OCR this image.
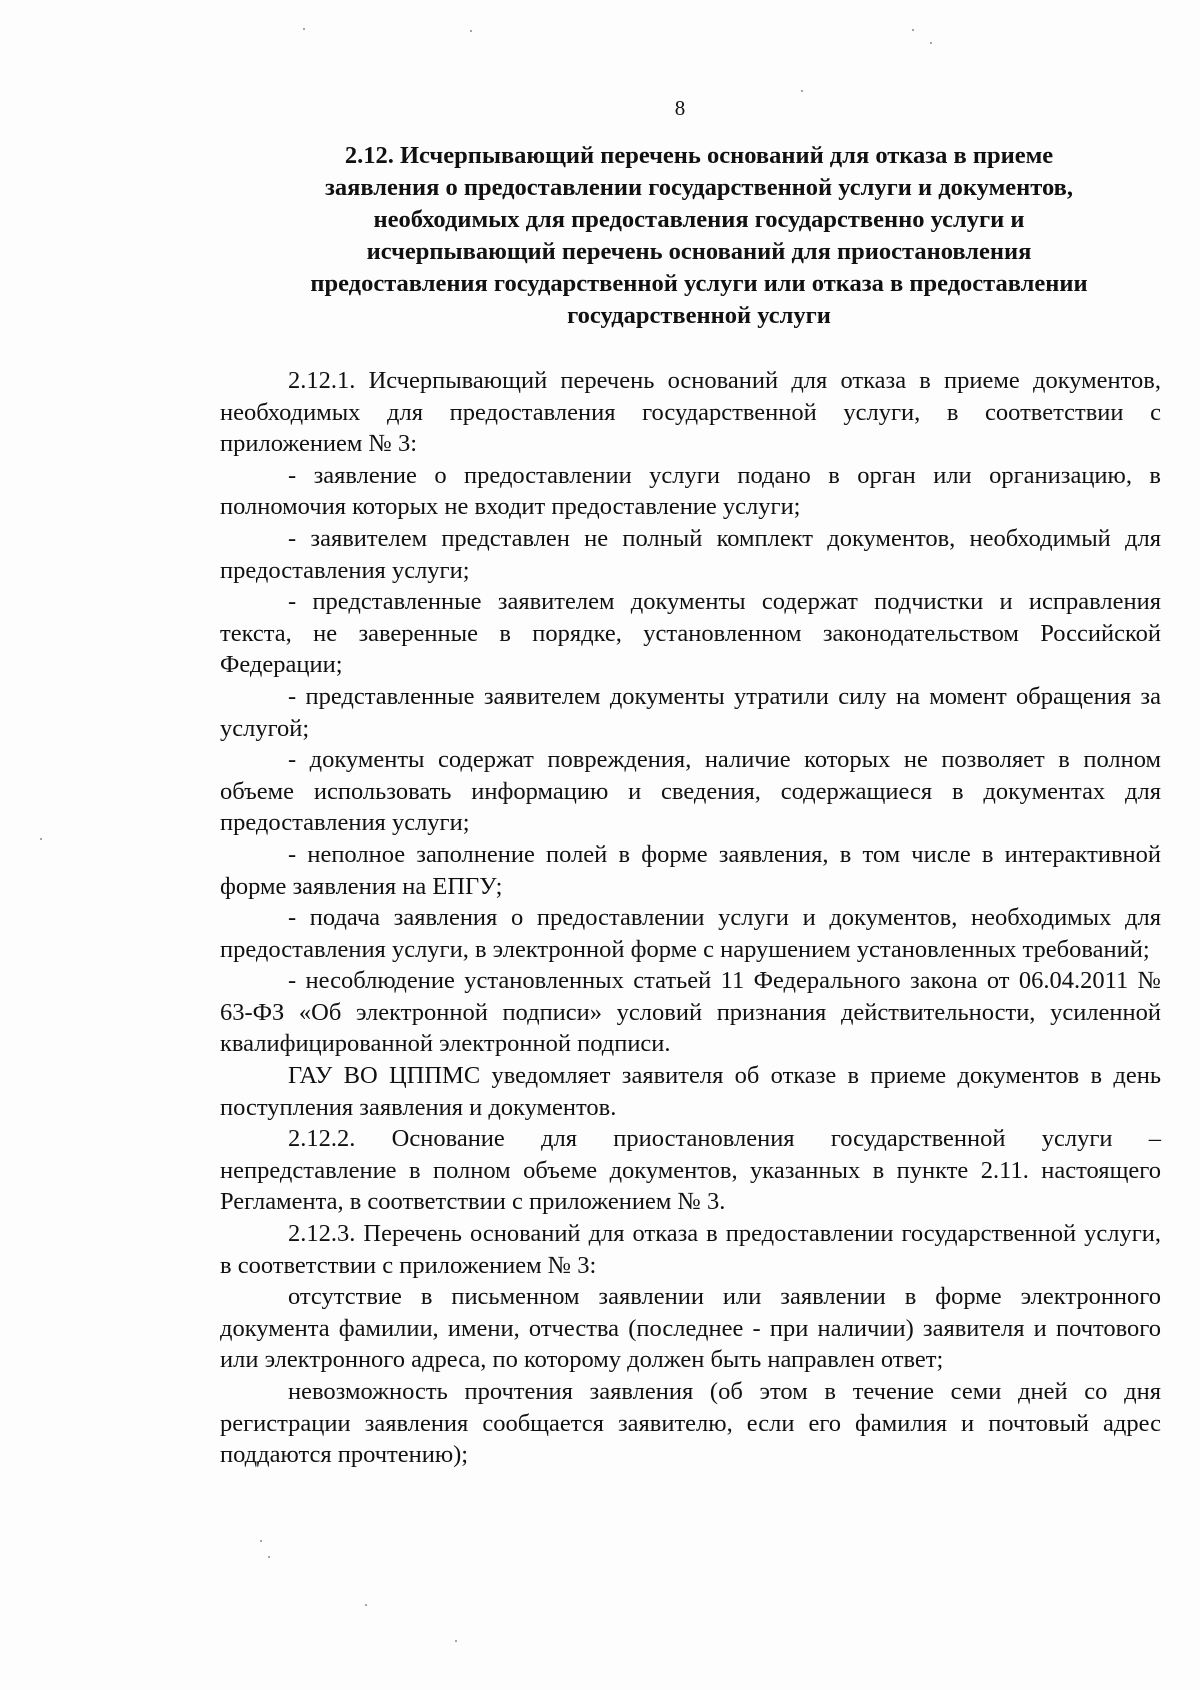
8
2.12. Исчерпывающий перечень оснований для отказа в приеме
заявления о предоставлении государственной услуги и документов,
необходимых для предоставления государственно услуги и
исчерпывающий перечень оснований для приостановления
предоставления государственной услуги или отказа в предоставлении
государственной услуги

2.12.1. Исчерпывающий перечень оснований для отказа в приеме документов, необходимых для предоставления государственной услуги, в соответствии с приложением № 3:

- заявление о предоставлении услуги подано в орган или организацию, в полномочия которых не входит предоставление услуги;

- заявителем представлен не полный комплект документов, необходимый для предоставления услуги;

- представленные заявителем документы содержат подчистки и исправления текста, не заверенные в порядке, установленном законодательством Российской Федерации;

- представленные заявителем документы утратили силу на момент обращения за услугой;

- документы содержат повреждения, наличие которых не позволяет в полном объеме использовать информацию и сведения, содержащиеся в документах для предоставления услуги;

- неполное заполнение полей в форме заявления, в том числе в интерактивной форме заявления на ЕПГУ;

- подача заявления о предоставлении услуги и документов, необходимых для предоставления услуги, в электронной форме с нарушением установленных требований;

- несоблюдение установленных статьей 11 Федерального закона от 06.04.2011 № 63-ФЗ «Об электронной подписи» условий признания действительности, усиленной квалифицированной электронной подписи.

ГАУ ВО ЦППМС уведомляет заявителя об отказе в приеме документов в день поступления заявления и документов.

2.12.2. Основание для приостановления государственной услуги – непредставление в полном объеме документов, указанных в пункте 2.11. настоящего Регламента, в соответствии с приложением № 3.

2.12.3. Перечень оснований для отказа в предоставлении государственной услуги, в соответствии с приложением № 3:

отсутствие в письменном заявлении или заявлении в форме электронного документа фамилии, имени, отчества (последнее - при наличии) заявителя и почтового или электронного адреса, по которому должен быть направлен ответ;

невозможность прочтения заявления (об этом в течение семи дней со дня регистрации заявления сообщается заявителю, если его фамилия и почтовый адрес поддаются прочтению);
